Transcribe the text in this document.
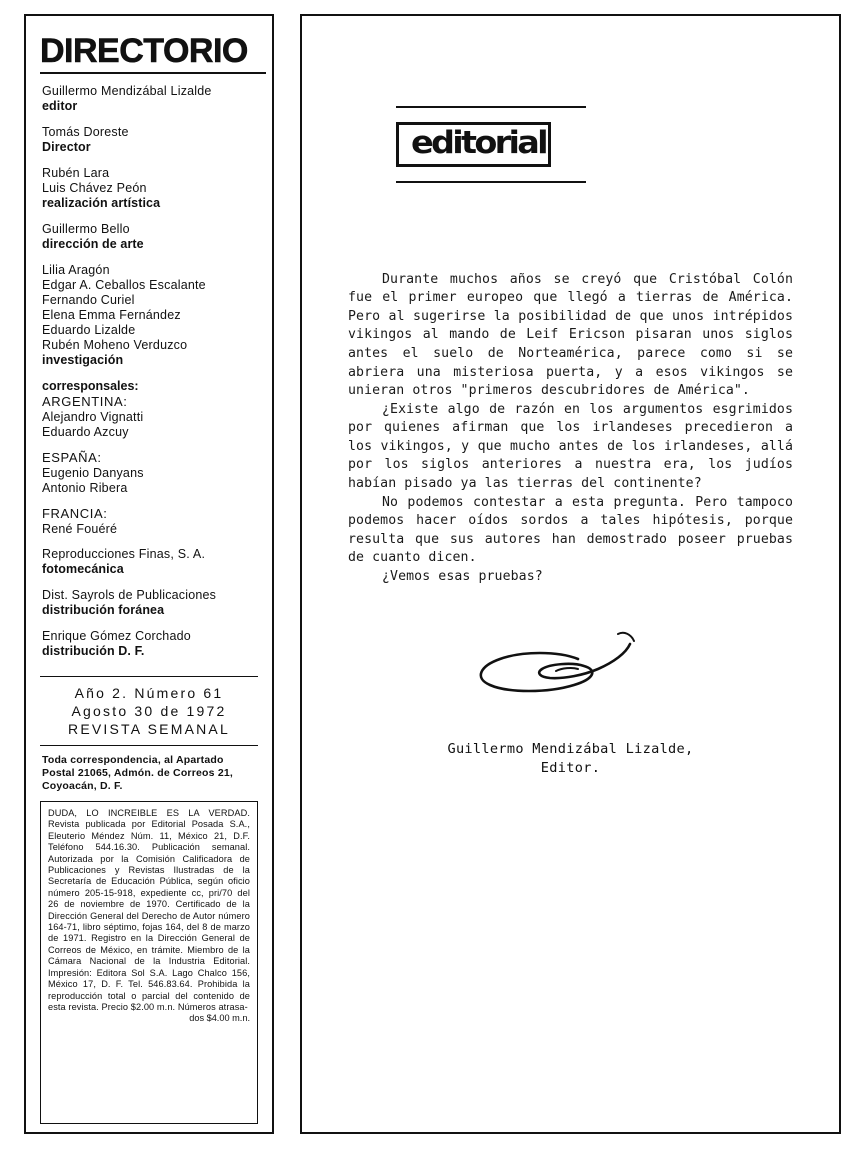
DIRECTORIO
Guillermo Mendizábal Lizalde
editor
Tomás Doreste
Director
Rubén Lara
Luis Chávez Peón
realización artística
Guillermo Bello
dirección de arte
Lilia Aragón
Edgar A. Ceballos Escalante
Fernando Curiel
Elena Emma Fernández
Eduardo Lizalde
Rubén Moheno Verduzco
investigación
corresponsales:
ARGENTINA:
Alejandro Vignatti
Eduardo Azcuy
ESPAÑA:
Eugenio Danyans
Antonio Ribera
FRANCIA:
René Fouéré
Reproducciones Finas, S. A.
fotomecánica
Dist. Sayrols de Publicaciones
distribución foránea
Enrique Gómez Corchado
distribución D. F.
Año 2. Número 61
Agosto 30 de 1972
REVISTA SEMANAL
Toda correspondencia, al Apartado Postal 21065, Admón. de Correos 21, Coyoacán, D. F.
DUDA, LO INCREIBLE ES LA VERDAD. Revista publicada por Editorial Posada S.A., Eleuterio Méndez Núm. 11, México 21, D.F. Teléfono 544.16.30. Publicación semanal. Autorizada por la Comisión Calificadora de Publicaciones y Revistas Ilustradas de la Secretaría de Educación Pública, según oficio número 205-15-918, expediente cc, pri/70 del 26 de noviembre de 1970. Certificado de la Dirección General del Derecho de Autor número 164-71, libro séptimo, fojas 164, del 8 de marzo de 1971. Registro en la Dirección General de Correos de México, en trámite. Miembro de la Cámara Nacional de la Industria Editorial. Impresión: Editora Sol S.A. Lago Chalco 156, México 17, D. F. Tel. 546.83.64. Prohibida la reproducción total o parcial del contenido de esta revista. Precio $2.00 m.n. Números atrasa-
dos $4.00 m.n.
editorial

Durante muchos años se creyó que Cristóbal Colón fue el primer europeo que llegó a tierras de América. Pero al sugerirse la posibilidad de que unos intrépidos vikingos al mando de Leif Ericson pisaran unos siglos antes el suelo de Norteamérica, parece como si se abriera una misteriosa puerta, y a esos vikingos se unieran otros "primeros descubridores de América".

¿Existe algo de razón en los argumentos esgrimidos por quienes afirman que los irlandeses precedieron a los vikingos, y que mucho antes de los irlandeses, allá por los siglos anteriores a nuestra era, los judíos habían pisado ya las tierras del continente?

No podemos contestar a esta pregunta. Pero tampoco podemos hacer oídos sordos a tales hipótesis, porque resulta que sus autores han demostrado poseer pruebas de cuanto dicen.

¿Vemos esas pruebas?

Guillermo Mendizábal Lizalde,
Editor.
